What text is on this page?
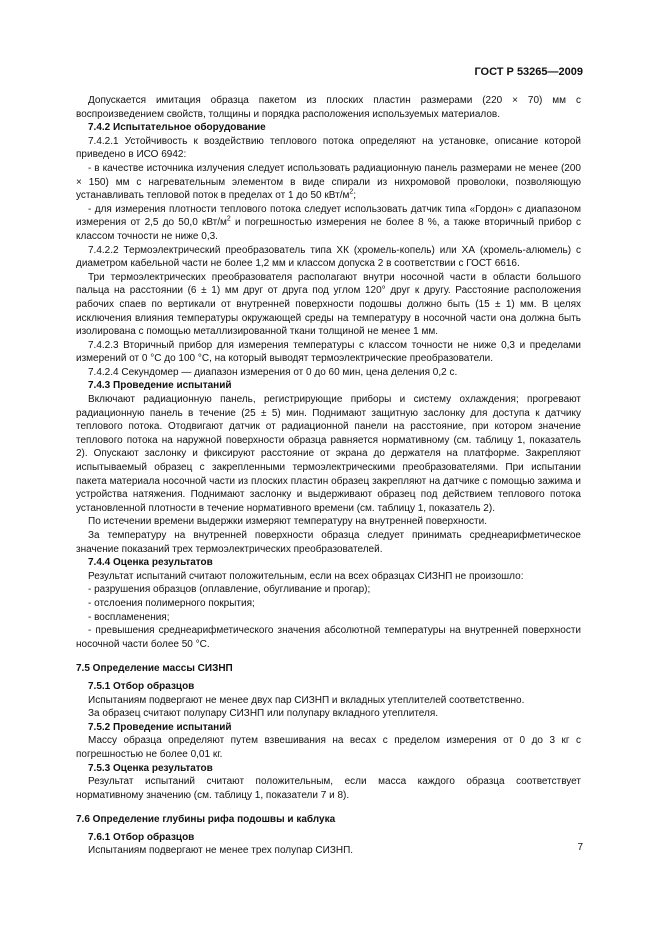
ГОСТ Р 53265—2009

Допускается имитация образца пакетом из плоских пластин размерами (220 × 70) мм с воспроизведением свойств, толщины и порядка расположения используемых материалов.

7.4.2 Испытательное оборудование

7.4.2.1 Устойчивость к воздействию теплового потока определяют на установке, описание которой приведено в ИСО 6942:

- в качестве источника излучения следует использовать радиационную панель размерами не менее (200 × 150) мм с нагревательным элементом в виде спирали из нихромовой проволоки, позволяющую устанавливать тепловой поток в пределах от 1 до 50 кВт/$м^2$;

- для измерения плотности теплового потока следует использовать датчик типа «Гордон» с диапазоном измерения от 2,5 до 50,0 кВт/$м^2$ и погрешностью измерения не более 8 %, а также вторичный прибор с классом точности не ниже 0,3.

7.4.2.2 Термоэлектрический преобразователь типа ХК (хромель-копель) или ХА (хромель-алюмель) с диаметром кабельной части не более 1,2 мм и классом допуска 2 в соответствии с ГОСТ 6616.

Три термоэлектрических преобразователя располагают внутри носочной части в области большого пальца на расстоянии (6 ± 1) мм друг от друга под углом 120° друг к другу. Расстояние расположения рабочих спаев по вертикали от внутренней поверхности подошвы должно быть (15 ± 1) мм. В целях исключения влияния температуры окружающей среды на температуру в носочной части она должна быть изолирована с помощью металлизированной ткани толщиной не менее 1 мм.

7.4.2.3 Вторичный прибор для измерения температуры с классом точности не ниже 0,3 и пределами измерений от 0 °С до 100 °С, на который выводят термоэлектрические преобразователи.

7.4.2.4 Секундомер — диапазон измерения от 0 до 60 мин, цена деления 0,2 с.

7.4.3 Проведение испытаний

Включают радиационную панель, регистрирующие приборы и систему охлаждения; прогревают радиационную панель в течение (25 ± 5) мин. Поднимают защитную заслонку для доступа к датчику теплового потока. Отодвигают датчик от радиационной панели на расстояние, при котором значение теплового потока на наружной поверхности образца равняется нормативному (см. таблицу 1, показатель 2). Опускают заслонку и фиксируют расстояние от экрана до держателя на платформе. Закрепляют испытываемый образец с закрепленными термоэлектрическими преобразователями. При испытании пакета материала носочной части из плоских пластин образец закрепляют на датчике с помощью зажима и устройства натяжения. Поднимают заслонку и выдерживают образец под действием теплового потока установленной плотности в течение нормативного времени (см. таблицу 1, показатель 2).

По истечении времени выдержки измеряют температуру на внутренней поверхности.

За температуру на внутренней поверхности образца следует принимать среднеарифметическое значение показаний трех термоэлектрических преобразователей.

7.4.4 Оценка результатов

Результат испытаний считают положительным, если на всех образцах СИЗНП не произошло:

- разрушения образцов (оплавление, обугливание и прогар);

- отслоения полимерного покрытия;

- воспламенения;

- превышения среднеарифметического значения абсолютной температуры на внутренней поверхности носочной части более 50 °С.

7.5 Определение массы СИЗНП
7.5.1 Отбор образцов

Испытаниям подвергают не менее двух пар СИЗНП и вкладных утеплителей соответственно.

За образец считают полупару СИЗНП или полупару вкладного утеплителя.

7.5.2 Проведение испытаний

Массу образца определяют путем взвешивания на весах с пределом измерения от 0 до 3 кг с погрешностью не более 0,01 кг.

7.5.3 Оценка результатов

Результат испытаний считают положительным, если масса каждого образца соответствует нормативному значению (см. таблицу 1, показатели 7 и 8).

7.6 Определение глубины рифа подошвы и каблука
7.6.1 Отбор образцов

Испытаниям подвергают не менее трех полупар СИЗНП.	7
